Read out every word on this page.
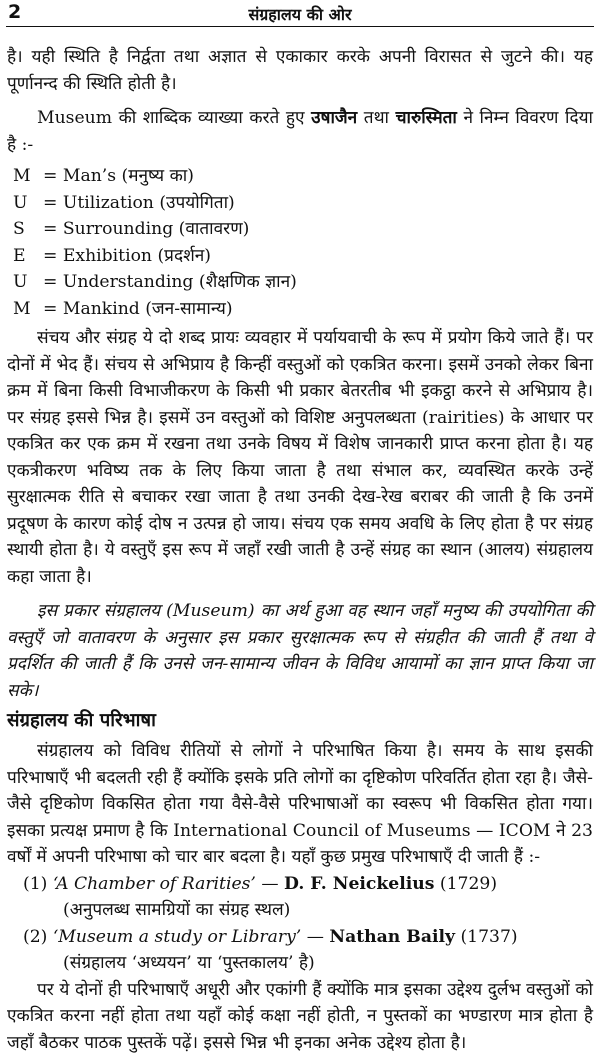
2	संग्रहालय की ओर

है। यही स्थिति है निर्द्वता तथा अज्ञात से एकाकार करके अपनी विरासत से जुटने की। यह पूर्णानन्द की स्थिति होती है।

Museum की शाब्दिक व्याख्या करते हुए उषाजैन तथा चारुस्मिता ने निम्न विवरण दिया है :-

M = Man’s (मनुष्य का)
U = Utilization (उपयोगिता)
S	= Surrounding (वातावरण)
E	= Exhibition (प्रदर्शन)
U = Understanding (शैक्षणिक ज्ञान)
M = Mankind (जन-सामान्य)

संचय और संग्रह ये दो शब्द प्रायः व्यवहार में पर्यायवाची के रूप में प्रयोग किये जाते हैं। पर दोनों में भेद हैं। संचय से अभिप्राय है किन्हीं वस्तुओं को एकत्रित करना। इसमें उनको लेकर बिना क्रम में बिना किसी विभाजीकरण के किसी भी प्रकार बेतरतीब भी इकट्ठा करने से अभिप्राय है। पर संग्रह इससे भिन्न है। इसमें उन वस्तुओं को विशिष्ट अनुपलब्धता (rairities) के आधार पर एकत्रित कर एक क्रम में रखना तथा उनके विषय में विशेष जानकारी प्राप्त करना होता है। यह एकत्रीकरण भविष्य तक के लिए किया जाता है तथा संभाल कर, व्यवस्थित करके उन्हें सुरक्षात्मक रीति से बचाकर रखा जाता है तथा उनकी देख-रेख बराबर की जाती है कि उनमें प्रदूषण के कारण कोई दोष न उत्पन्न हो जाय। संचय एक समय अवधि के लिए होता है पर संग्रह स्थायी होता है। ये वस्तुएँ इस रूप में जहाँ रखी जाती है उन्हें संग्रह का स्थान (आलय) संग्रहालय कहा जाता है।

इस प्रकार संग्रहालय (Museum) का अर्थ हुआ वह स्थान जहाँ मनुष्य की उपयोगिता की वस्तुएँ जो वातावरण के अनुसार इस प्रकार सुरक्षात्मक रूप से संग्रहीत की जाती हैं तथा वे प्रदर्शित की जाती हैं कि उनसे जन-सामान्य जीवन के विविध आयामों का ज्ञान प्राप्त किया जा सके।

संग्रहालय की परिभाषा

संग्रहालय को विविध रीतियों से लोगों ने परिभाषित किया है। समय के साथ इसकी परिभाषाएँ भी बदलती रही हैं क्योंकि इसके प्रति लोगों का दृष्टिकोण परिवर्तित होता रहा है। जैसे-जैसे दृष्टिकोण विकसित होता गया वैसे-वैसे परिभाषाओं का स्वरूप भी विकसित होता गया। इसका प्रत्यक्ष प्रमाण है कि International Council of Museums — ICOM ने 23 वर्षों में अपनी परिभाषा को चार बार बदला है। यहाँ कुछ प्रमुख परिभाषाएँ दी जाती हैं :-

(1) ‘A Chamber of Rarities’ — D. F. Neickelius (1729)
(अनुपलब्ध सामग्रियों का संग्रह स्थल)
(2) ‘Museum a study or Library’ — Nathan Baily (1737)
(संग्रहालय ‘अध्ययन’ या ‘पुस्तकालय’ है)

पर ये दोनों ही परिभाषाएँ अधूरी और एकांगी हैं क्योंकि मात्र इसका उद्देश्य दुर्लभ वस्तुओं को एकत्रित करना नहीं होता तथा यहाँ कोई कक्षा नहीं होती, न पुस्तकों का भण्डारण मात्र होता है जहाँ बैठकर पाठक पुस्तकें पढ़ें। इससे भिन्न भी इनका अनेक उद्देश्य होता है।
